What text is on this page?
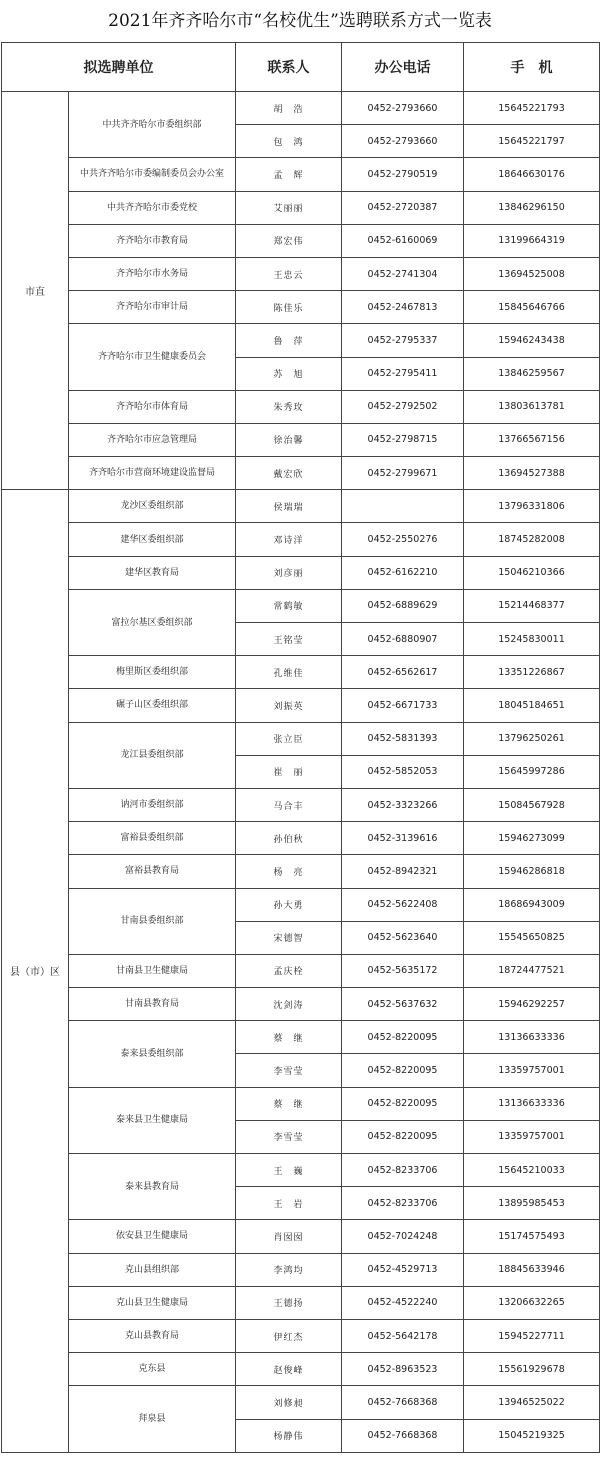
2021年齐齐哈尔市“名校优生”选聘联系方式一览表
拟选聘单位		联系人	办公电话	手　机
市直	中共齐齐哈尔市委组织部	胡　浩	0452-2793660	15645221793
		包　鸿	0452-2793660	15645221797
	中共齐齐哈尔市委编制委员会办公室	孟　辉	0452-2790519	18646630176
	中共齐齐哈尔市委党校	艾丽丽	0452-2720387	13846296150
	齐齐哈尔市教育局	郑宏伟	0452-6160069	13199664319
	齐齐哈尔市水务局	王忠云	0452-2741304	13694525008
	齐齐哈尔市审计局	陈佳乐	0452-2467813	15845646766
	齐齐哈尔市卫生健康委员会	鲁　萍	0452-2795337	15946243438
		苏　旭	0452-2795411	13846259567
	齐齐哈尔市体育局	朱秀玫	0452-2792502	13803613781
	齐齐哈尔市应急管理局	徐治馨	0452-2798715	13766567156
	齐齐哈尔市营商环境建设监督局	戴宏欣	0452-2799671	13694527388
县（市）区	龙沙区委组织部	侯瑞瑞		13796331806
	建华区委组织部	邓诗洋	0452-2550276	18745282008
	建华区教育局	刘彦丽	0452-6162210	15046210366
	富拉尔基区委组织部	常鹤敏	0452-6889629	15214468377
		王铭莹	0452-6880907	15245830011
	梅里斯区委组织部	孔维佳	0452-6562617	13351226867
	碾子山区委组织部	刘振英	0452-6671733	18045184651
	龙江县委组织部	张立臣	0452-5831393	13796250261
		崔　丽	0452-5852053	15645997286
	讷河市委组织部	马合丰	0452-3323266	15084567928
	富裕县委组织部	孙伯秋	0452-3139616	15946273099
	富裕县教育局	杨　亮	0452-8942321	15946286818
	甘南县委组织部	孙大勇	0452-5622408	18686943009
		宋德智	0452-5623640	15545650825
	甘南县卫生健康局	孟庆栓	0452-5635172	18724477521
	甘南县教育局	沈剑涛	0452-5637632	15946292257
	泰来县委组织部	蔡　继	0452-8220095	13136633336
		李雪莹	0452-8220095	13359757001
	泰来县卫生健康局	蔡　继	0452-8220095	13136633336
		李雪莹	0452-8220095	13359757001
	泰来县教育局	王　巍	0452-8233706	15645210033
		王　岩	0452-8233706	13895985453
	依安县卫生健康局	肖囡囡	0452-7024248	15174575493
	克山县组织部	李鸿均	0452-4529713	18845633946
	克山县卫生健康局	王德扬	0452-4522240	13206632265
	克山县教育局	伊红杰	0452-5642178	15945227711
	克东县	赵俊峰	0452-8963523	15561929678
	拜泉县	刘修昶	0452-7668368	13946525022
		杨静伟	0452-7668368	15045219325
